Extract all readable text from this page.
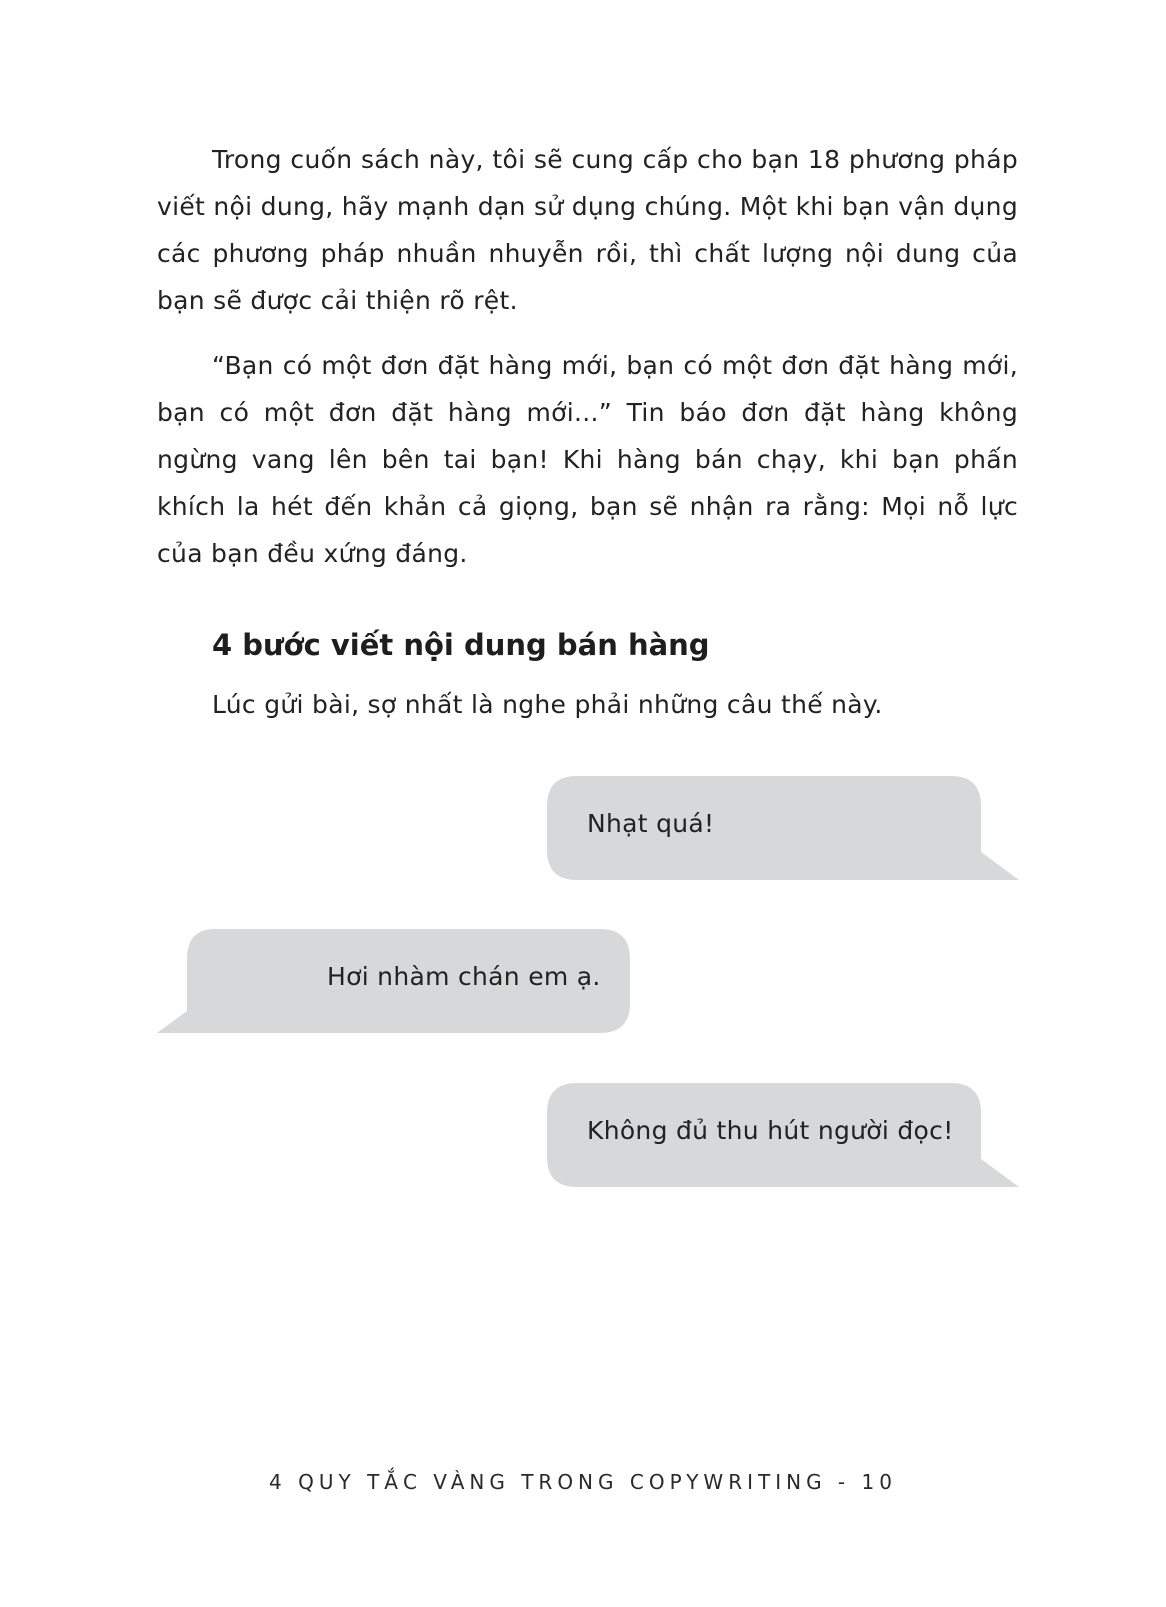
Trong cuốn sách này, tôi sẽ cung cấp cho bạn 18 phương pháp viết nội dung, hãy mạnh dạn sử dụng chúng. Một khi bạn vận dụng các phương pháp nhuần nhuyễn rồi, thì chất lượng nội dung của bạn sẽ được cải thiện rõ rệt.

“Bạn có một đơn đặt hàng mới, bạn có một đơn đặt hàng mới, bạn có một đơn đặt hàng mới...” Tin báo đơn đặt hàng không ngừng vang lên bên tai bạn! Khi hàng bán chạy, khi bạn phấn khích la hét đến khản cả giọng, bạn sẽ nhận ra rằng: Mọi nỗ lực của bạn đều xứng đáng.

4 bước viết nội dung bán hàng

Lúc gửi bài, sợ nhất là nghe phải những câu thế này.

Nhạt quá!
Hơi nhàm chán em ạ.
Không đủ thu hút người đọc!

4 QUY TẮC VÀNG TRONG COPYWRITING - 10
